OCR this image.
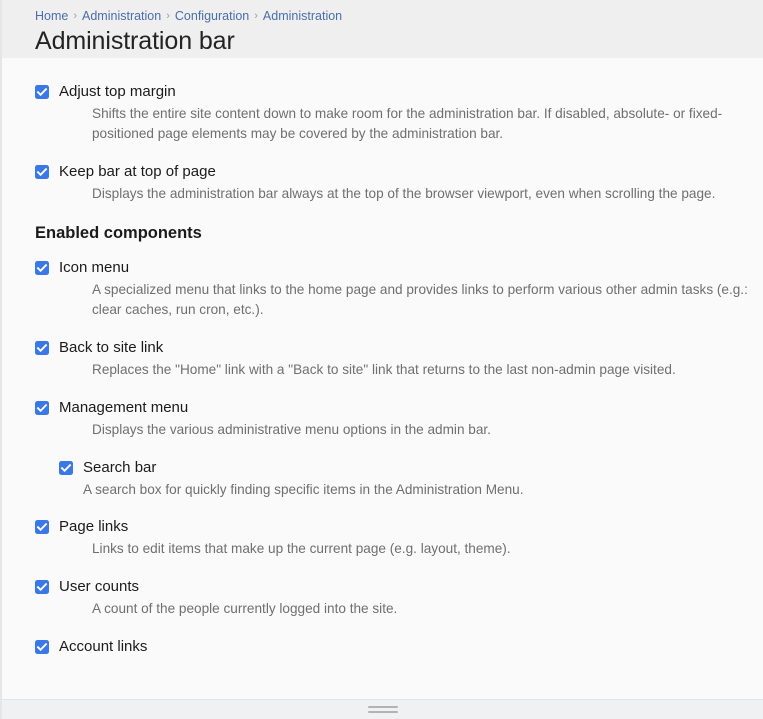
Home › Administration › Configuration › Administration
Administration bar
Adjust top margin
Shifts the entire site content down to make room for the administration bar. If disabled, absolute- or fixed-positioned page elements may be covered by the administration bar.
Keep bar at top of page
Displays the administration bar always at the top of the browser viewport, even when scrolling the page.
Enabled components
Icon menu
A specialized menu that links to the home page and provides links to perform various other admin tasks (e.g.: clear caches, run cron, etc.).
Back to site link
Replaces the "Home" link with a "Back to site" link that returns to the last non-admin page visited.
Management menu
Displays the various administrative menu options in the admin bar.
Search bar
A search box for quickly finding specific items in the Administration Menu.
Page links
Links to edit items that make up the current page (e.g. layout, theme).
User counts
A count of the people currently logged into the site.
Account links
